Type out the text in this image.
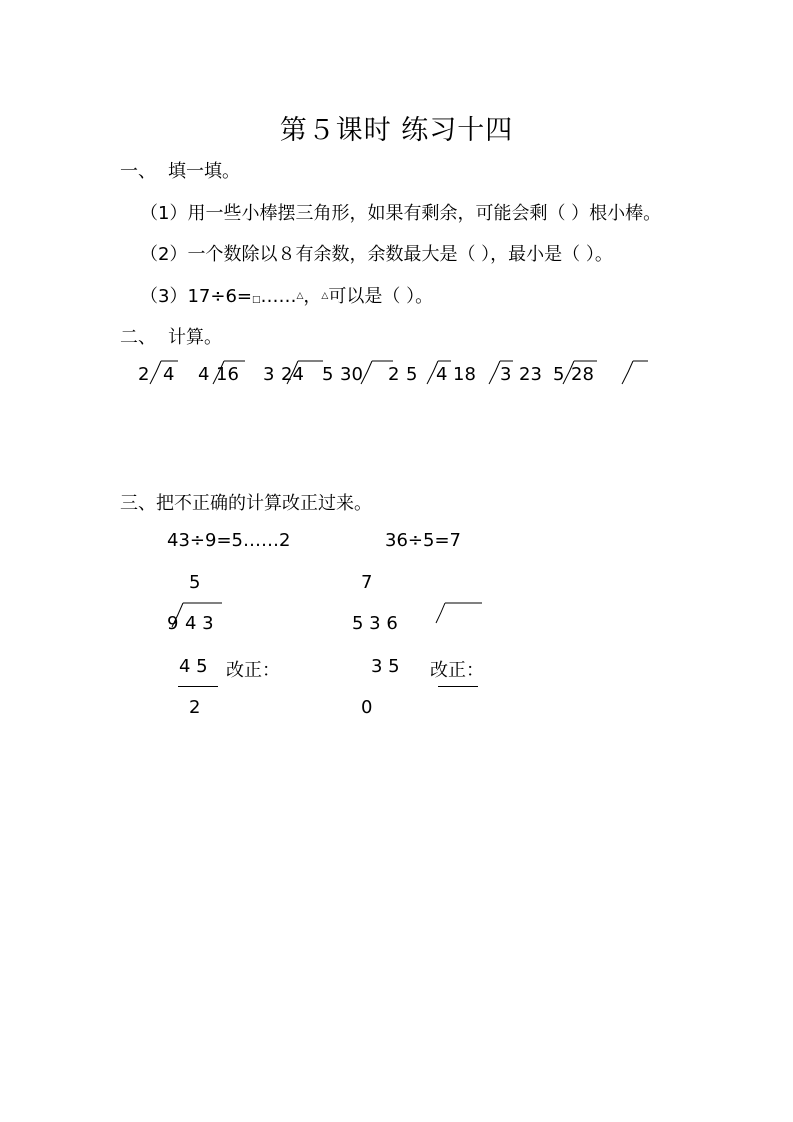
第５课时 练习十四
一、 填一填。
（1）用一些小棒摆三角形，如果有剩余，可能会剩（ ）根小棒。
（2）一个数除以８有余数，余数最大是（ ），最小是（ ）。
（3）17÷6=□……△，△可以是（ ）。
二、 计算。
2 4 4 16 3 24 5 30 2 5 4 18 3 23 5 28
三、把不正确的计算改正过来。
43÷9=5……2
5
9 4 3
4 5 改正：
2
36÷5=7
7
5 3 6
3 5 改正：
0
